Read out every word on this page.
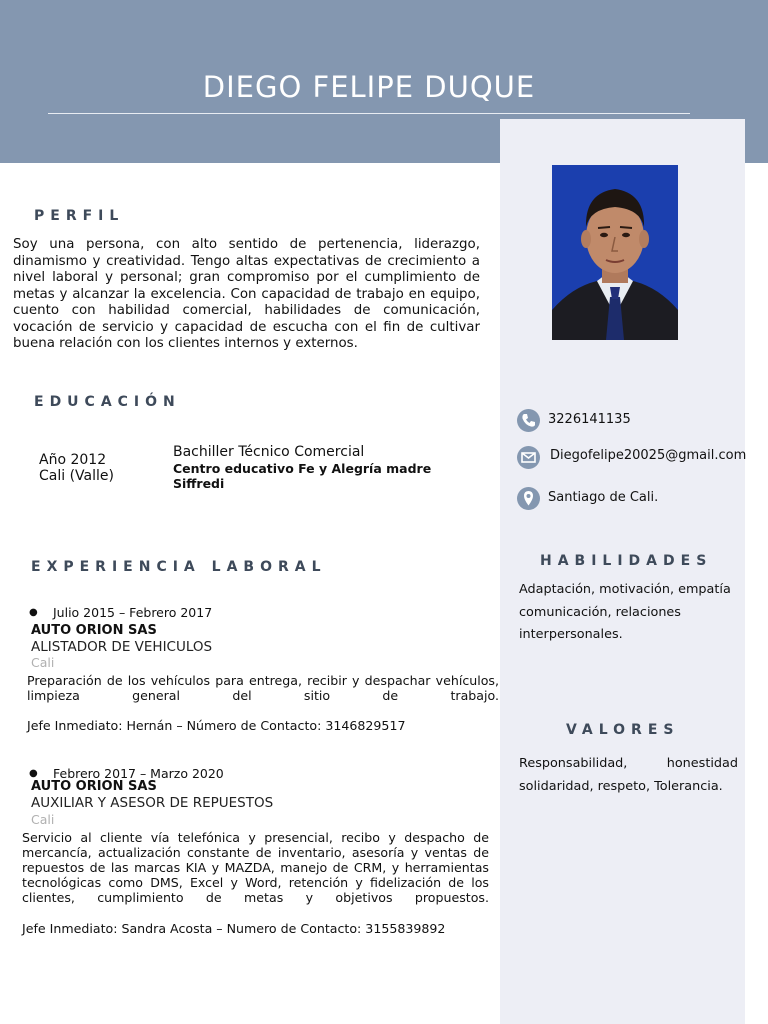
DIEGO FELIPE DUQUE
PERFIL
Soy una persona, con alto sentido de pertenencia, liderazgo, dinamismo y creatividad. Tengo altas expectativas de crecimiento a nivel laboral y personal; gran compromiso por el cumplimiento de metas y alcanzar la excelencia. Con capacidad de trabajo en equipo, cuento con habilidad comercial, habilidades de comunicación, vocación de servicio y capacidad de escucha con el fin de cultivar buena relación con los clientes internos y externos.
EDUCACIÓN
Año 2012
Cali (Valle)
Bachiller Técnico Comercial
Centro educativo Fe y Alegría madre Siffredi
EXPERIENCIA LABORAL
● Julio 2015 – Febrero 2017
AUTO ORION SAS
ALISTADOR DE VEHICULOS
Cali
Preparación de los vehículos para entrega, recibir y despachar vehículos, limpieza general del sitio de trabajo.
Jefe Inmediato: Hernán – Número de Contacto: 3146829517
● Febrero 2017 – Marzo 2020
AUTO ORION SAS
AUXILIAR Y ASESOR DE REPUESTOS
Cali
Servicio al cliente vía telefónica y presencial, recibo y despacho de mercancía, actualización constante de inventario, asesoría y ventas de repuestos de las marcas KIA y MAZDA, manejo de CRM, y herramientas tecnológicas como DMS, Excel y Word, retención y fidelización de los clientes, cumplimiento de metas y objetivos propuestos.
Jefe Inmediato: Sandra Acosta – Numero de Contacto: 3155839892
3226141135
Diegofelipe20025@gmail.com
Santiago de Cali.
HABILIDADES
Adaptación, motivación, empatía comunicación, relaciones interpersonales.
VALORES
Responsabilidad, honestidad solidaridad, respeto, Tolerancia.
